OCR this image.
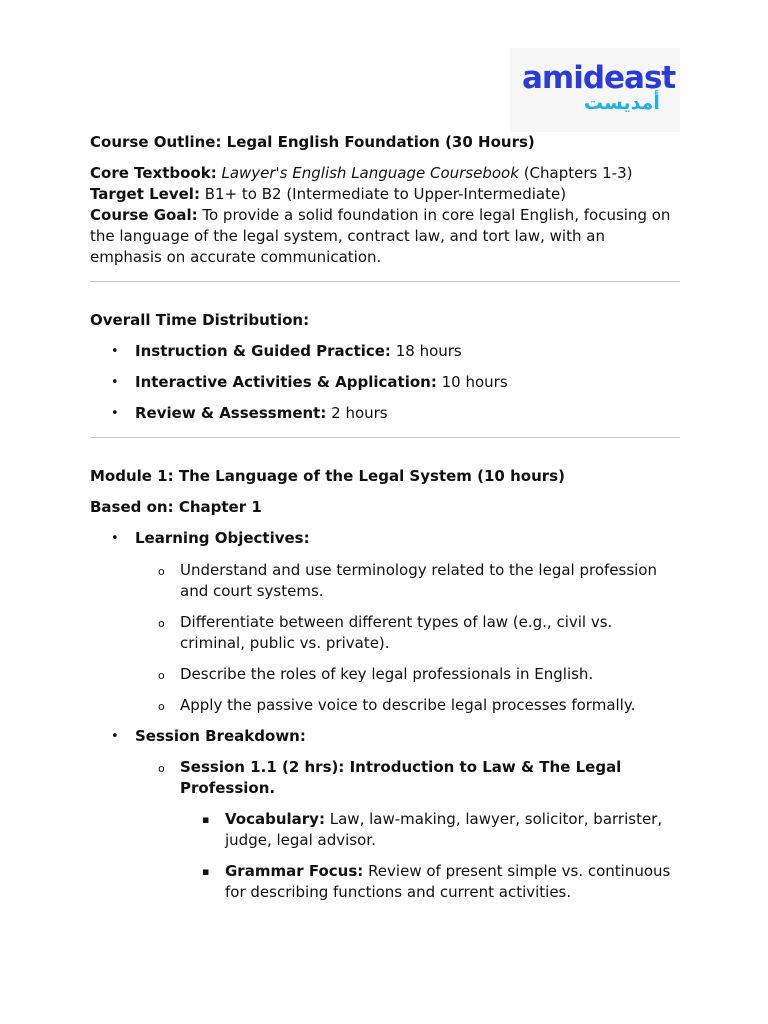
amideast
أمديست

Course Outline: Legal English Foundation (30 Hours)

Core Textbook: Lawyer's English Language Coursebook (Chapters 1-3)

Target Level: B1+ to B2 (Intermediate to Upper-Intermediate)

Course Goal: To provide a solid foundation in core legal English, focusing on

the language of the legal system, contract law, and tort law, with an

emphasis on accurate communication.

Overall Time Distribution:

• Instruction & Guided Practice: 18 hours
• Interactive Activities & Application: 10 hours
• Review & Assessment: 2 hours

Module 1: The Language of the Legal System (10 hours)

Based on: Chapter 1

• Learning Objectives:
o Understand and use terminology related to the legal profession
and court systems.
o Differentiate between different types of law (e.g., civil vs.
criminal, public vs. private).
o Describe the roles of key legal professionals in English.
o Apply the passive voice to describe legal processes formally.
• Session Breakdown:
o Session 1.1 (2 hrs): Introduction to Law & The Legal
Profession.
▪ Vocabulary: Law, law-making, lawyer, solicitor, barrister,
judge, legal advisor.
▪ Grammar Focus: Review of present simple vs. continuous
for describing functions and current activities.
